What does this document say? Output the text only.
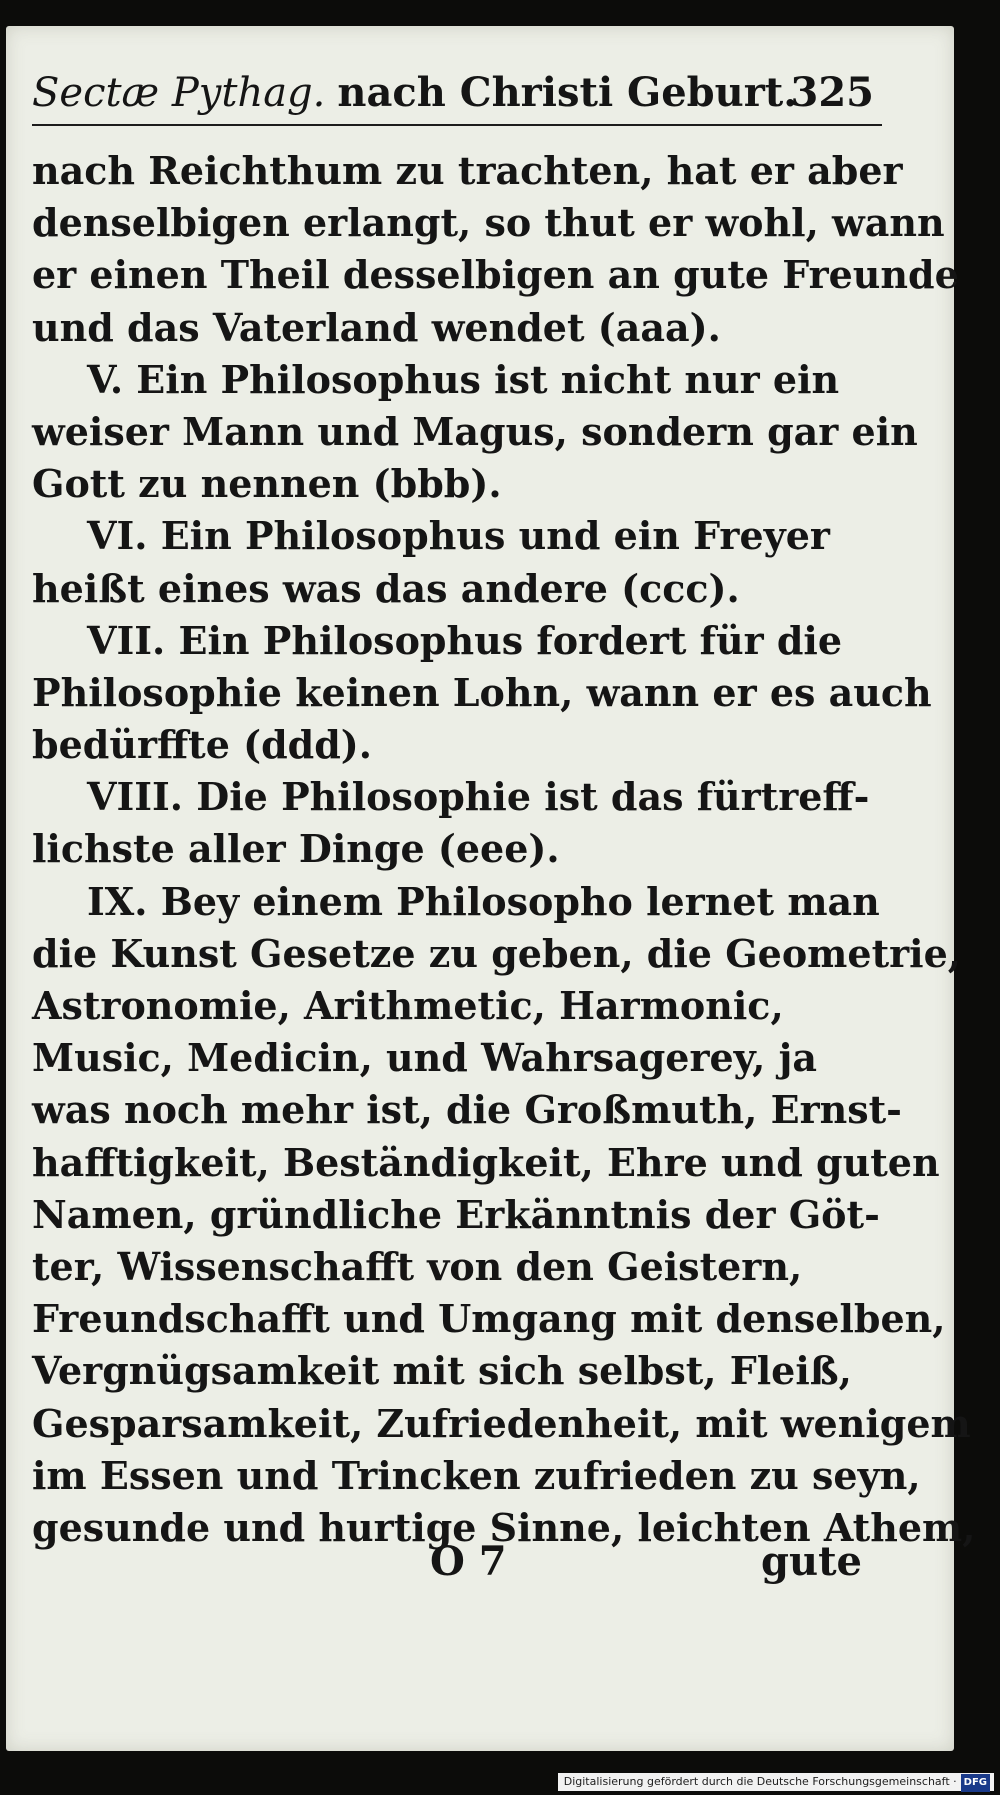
Sectæ Pythag. nach Christi Geburt.
325
nach Reichthum zu trachten, hat er aber
denselbigen erlangt, so thut er wohl, wann
er einen Theil desselbigen an gute Freunde
und das Vaterland wendet (aaa).
V. Ein Philosophus ist nicht nur ein
weiser Mann und Magus, sondern gar ein
Gott zu nennen (bbb).
VI. Ein Philosophus und ein Freyer
heißt eines was das andere (ccc).
VII. Ein Philosophus fordert für die
Philosophie keinen Lohn, wann er es auch
bedürffte (ddd).
VIII. Die Philosophie ist das fürtreff-
lichste aller Dinge (eee).
IX. Bey einem Philosopho lernet man
die Kunst Gesetze zu geben, die Geometrie,
Astronomie, Arithmetic, Harmonic,
Music, Medicin, und Wahrsagerey, ja
was noch mehr ist, die Großmuth, Ernst-
hafftigkeit, Beständigkeit, Ehre und guten
Namen, gründliche Erkänntnis der Göt-
ter, Wissenschafft von den Geistern,
Freundschafft und Umgang mit denselben,
Vergnügsamkeit mit sich selbst, Fleiß,
Gesparsamkeit, Zufriedenheit, mit wenigem
im Essen und Trincken zufrieden zu seyn,
gesunde und hurtige Sinne, leichten Athem,
O 7	gute
Digitalisierung gefördert durch die Deutsche Forschungsgemeinschaft · DFG
